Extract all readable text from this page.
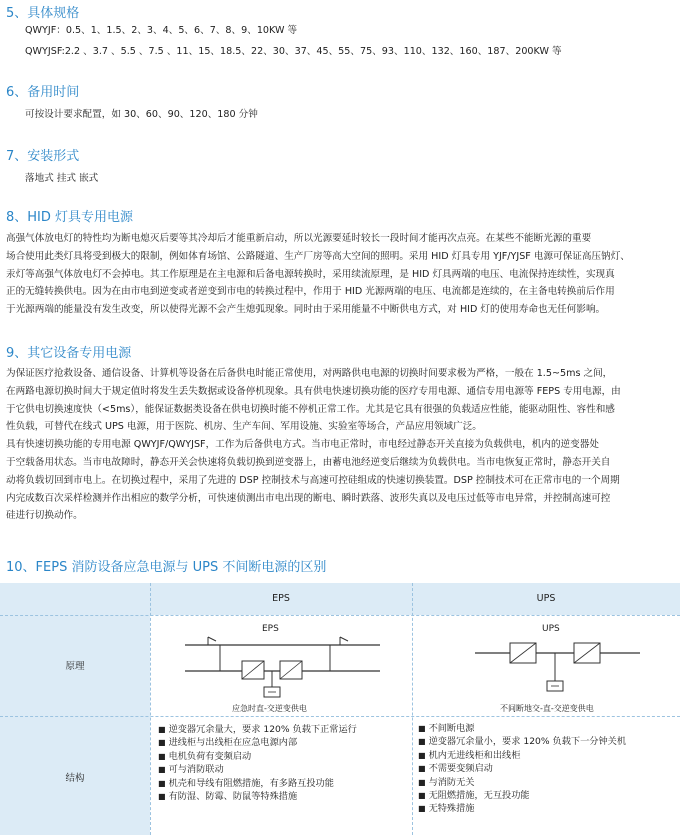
5、具体规格
QWYJF：0.5、1、1.5、2、3、4、5、6、7、8、9、10KW 等
QWYJSF:2.2 、3.7 、5.5 、7.5 、11、15、18.5、22、30、37、45、55、75、93、110、132、160、187、200KW 等
6、备用时间
可按设计要求配置，如 30、60、90、120、180 分钟
7、安装形式
落地式 挂式 嵌式
8、HID 灯具专用电源
高强气体放电灯的特性均为断电熄灭后要等其冷却后才能重新启动，所以光源要延时较长一段时间才能再次点亮。在某些不能断光源的重要
场合使用此类灯具将受到极大的限制，例如体育场馆、公路隧道、生产厂房等高大空间的照明。采用 HID 灯具专用 YJF/YJSF 电源可保证高压钠灯、
汞灯等高强气体放电灯不会掉电。其工作原理是在主电源和后备电源转换时，采用续流原理，是 HID 灯具两端的电压、电流保持连续性，实现真
正的无缝转换供电。因为在由市电到逆变或者逆变到市电的转换过程中，作用于 HID 光源两端的电压、电流都是连续的，在主备电转换前后作用
于光源两端的能量没有发生改变，所以使得光源不会产生熄弧现象。同时由于采用能量不中断供电方式，对 HID 灯的使用寿命也无任何影响。
9、其它设备专用电源
为保证医疗抢救设备、通信设备、计算机等设备在后备供电时能正常使用，对两路供电电源的切换时间要求极为严格，一般在 1.5~5ms 之间，
在两路电源切换时间大于规定值时将发生丢失数据或设备停机现象。具有供电快速切换功能的医疗专用电源、通信专用电源等 FEPS 专用电源，由
于它供电切换速度快（<5ms），能保证数据类设备在供电切换时能不停机正常工作。尤其是它具有很强的负载适应性能，能驱动阻性、容性和感
性负载，可替代在线式 UPS 电源，用于医院、机房、生产车间、军用设施、实验室等场合，产品应用领域广泛。
具有快速切换功能的专用电源 QWYJF/QWYJSF，工作为后备供电方式。当市电正常时，市电经过静态开关直接为负载供电，机内的逆变器处
于空载备用状态。当市电故障时，静态开关会快速将负载切换到逆变器上，由蓄电池经逆变后继续为负载供电。当市电恢复正常时，静态开关自
动将负载切回到市电上。在切换过程中，采用了先进的 DSP 控制技术与高速可控硅组成的快速切换装置。DSP 控制技术可在正常市电的一个周期
内完成数百次采样检测并作出相应的数学分析，可快速侦测出市电出现的断电、瞬时跌落、波形失真以及电压过低等市电异常，并控制高速可控
硅进行切换动作。
10、FEPS 消防设备应急电源与 UPS 不间断电源的区别
EPS	UPS
原理
结构
EPS
应急时直-交逆变供电
UPS
不间断地交-直-交逆变供电
■ 逆变器冗余量大，要求 120% 负载下正常运行
■ 进线柜与出线柜在应急电源内部
■ 电机负荷有变频启动
■ 可与消防联动
■ 机壳和导线有阻燃措施，有多路互投功能
■ 有防湿、防霉、防鼠等特殊措施
■ 不间断电源
■ 逆变器冗余量小，要求 120% 负载下一分钟关机
■ 机内无进线柜和出线柜
■ 不需要变频启动
■ 与消防无关
■ 无阻燃措施，无互投功能
■ 无特殊措施
